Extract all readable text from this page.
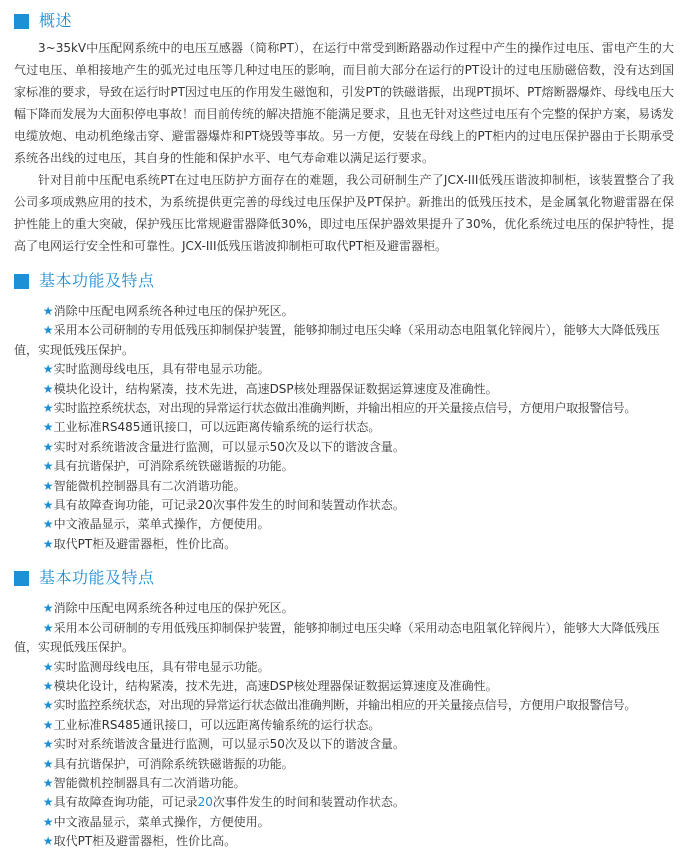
概述

3~35kV中压配网系统中的电压互感器（简称PT），在运行中常受到断路器动作过程中产生的操作过电压、雷电产生的大气过电压、单相接地产生的弧光过电压等几种过电压的影响，而目前大部分在运行的PT设计的过电压励磁倍数，没有达到国家标准的要求，导致在运行时PT因过电压的作用发生磁饱和，引发PT的铁磁谐振，出现PT损坏、PT熔断器爆炸、母线电压大幅下降而发展为大面积停电事故！而目前传统的解决措施不能满足要求，且也无针对这些过电压有个完整的保护方案，易诱发电缆放炮、电动机绝缘击穿、避雷器爆炸和PT烧毁等事故。另一方便，安装在母线上的PT柜内的过电压保护器由于长期承受系统各出线的过电压，其自身的性能和保护水平、电气寿命难以满足运行要求。

针对目前中压配电系统PT在过电压防护方面存在的难题，我公司研制生产了JCX-III低残压谐波抑制柜，该装置整合了我公司多项成熟应用的技术，为系统提供更完善的母线过电压保护及PT保护。新推出的低残压技术，是金属氧化物避雷器在保护性能上的重大突破，保护残压比常规避雷器降低30%，即过电压保护器效果提升了30%，优化系统过电压的保护特性，提高了电网运行安全性和可靠性。JCX-III低残压谐波抑制柜可取代PT柜及避雷器柜。

基本功能及特点
★消除中压配电网系统各种过电压的保护死区。
★采用本公司研制的专用低残压抑制保护装置，能够抑制过电压尖峰（采用动态电阻氧化锌阀片），能够大大降低残压值，实现低残压保护。
★实时监测母线电压，具有带电显示功能。
★模块化设计，结构紧凑，技术先进，高速DSP核处理器保证数据运算速度及准确性。
★实时监控系统状态，对出现的异常运行状态做出准确判断，并输出相应的开关量接点信号，方便用户取报警信号。
★工业标准RS485通讯接口，可以远距离传输系统的运行状态。
★实时对系统谐波含量进行监测，可以显示50次及以下的谐波含量。
★具有抗谐保护，可消除系统铁磁谐振的功能。
★智能微机控制器具有二次消谐功能。
★具有故障查询功能，可记录20次事件发生的时间和装置动作状态。
★中文液晶显示，菜单式操作，方便使用。
★取代PT柜及避雷器柜，性价比高。
基本功能及特点
★消除中压配电网系统各种过电压的保护死区。
★采用本公司研制的专用低残压抑制保护装置，能够抑制过电压尖峰（采用动态电阻氧化锌阀片），能够大大降低残压值，实现低残压保护。
★实时监测母线电压，具有带电显示功能。
★模块化设计，结构紧凑，技术先进，高速DSP核处理器保证数据运算速度及准确性。
★实时监控系统状态，对出现的异常运行状态做出准确判断，并输出相应的开关量接点信号，方便用户取报警信号。
★工业标准RS485通讯接口，可以远距离传输系统的运行状态。
★实时对系统谐波含量进行监测，可以显示50次及以下的谐波含量。
★具有抗谐保护，可消除系统铁磁谐振的功能。
★智能微机控制器具有二次消谐功能。
★具有故障查询功能，可记录20次事件发生的时间和装置动作状态。
★中文液晶显示，菜单式操作，方便使用。
★取代PT柜及避雷器柜，性价比高。
